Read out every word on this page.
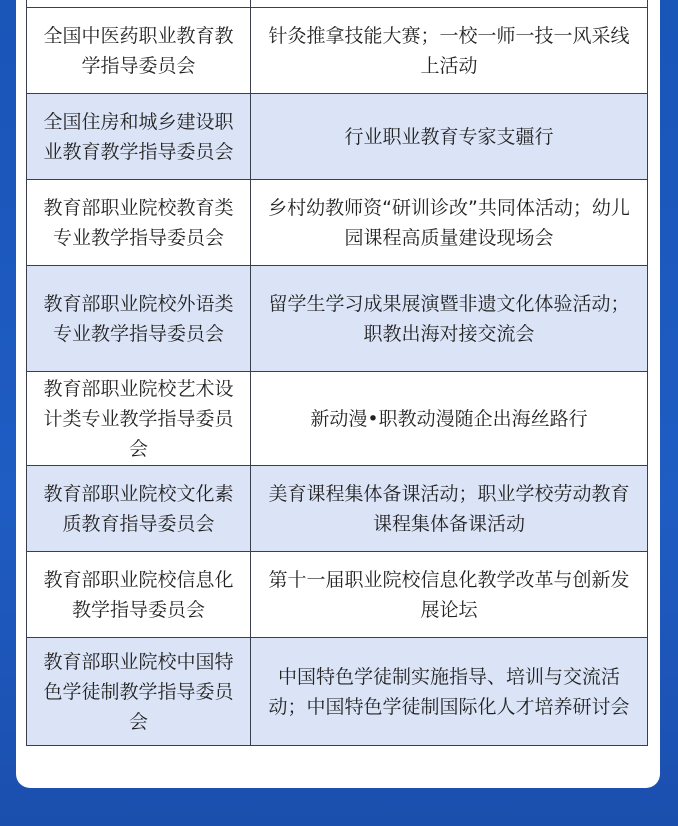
全国中医药职业教育教学指导委员会	针灸推拿技能大赛；一校一师一技一风采线上活动
全国住房和城乡建设职业教育教学指导委员会	行业职业教育专家支疆行
教育部职业院校教育类专业教学指导委员会	乡村幼教师资“研训诊改”共同体活动；幼儿园课程高质量建设现场会
教育部职业院校外语类专业教学指导委员会	留学生学习成果展演暨非遗文化体验活动；职教出海对接交流会
教育部职业院校艺术设计类专业教学指导委员会	新动漫•职教动漫随企出海丝路行
教育部职业院校文化素质教育指导委员会	美育课程集体备课活动；职业学校劳动教育课程集体备课活动
教育部职业院校信息化教学指导委员会	第十一届职业院校信息化教学改革与创新发展论坛
教育部职业院校中国特色学徒制教学指导委员会	中国特色学徒制实施指导、培训与交流活动；中国特色学徒制国际化人才培养研讨会
